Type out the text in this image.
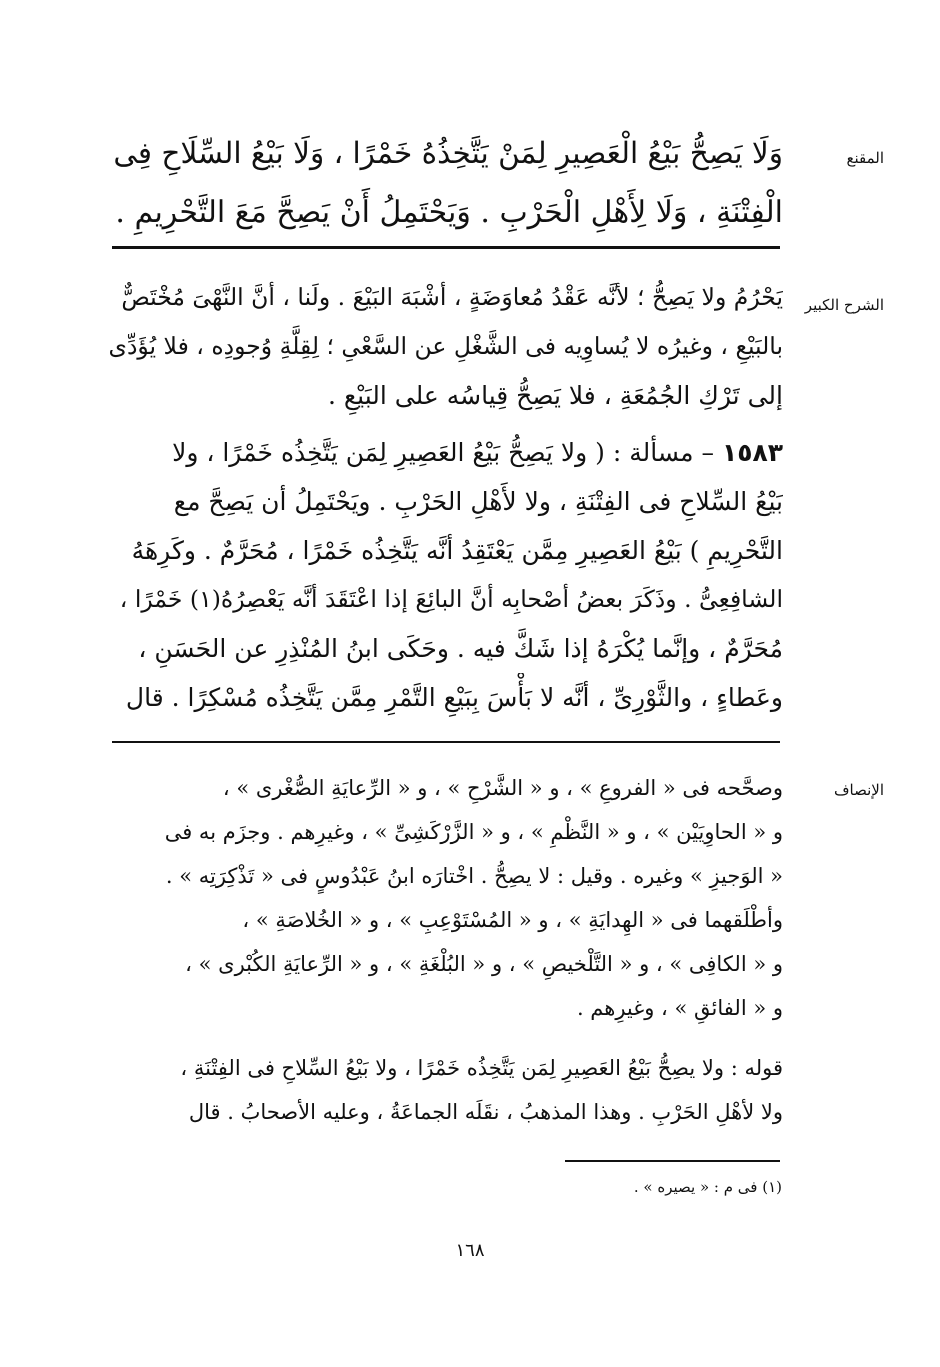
المقنع
وَلَا يَصِحُّ بَيْعُ الْعَصِيرِ لِمَنْ يَتَّخِذُهُ خَمْرًا ، وَلَا بَيْعُ السِّلَاحِ فِى
الْفِتْنَةِ ، وَلَا لِأَهْلِ الْحَرْبِ . وَيَحْتَمِلُ أَنْ يَصِحَّ مَعَ التَّحْرِيمِ .
الشرح الكبير
يَحْرُمُ ولا يَصِحُّ ؛ لأنَّه عَقْدُ مُعاوَضَةٍ ، أشْبَهَ البَيْعَ . ولَنا ، أنَّ النَّهْىَ مُخْتَصٌّ
بالبَيْعِ ، وغيرُه لا يُساوِيه فى الشَّغْلِ عن السَّعْىِ ؛ لِقِلَّةِ وُجودِه ، فلا يُؤَدِّى
إلى تَرْكِ الجُمُعَةِ ، فلا يَصِحُّ قِياسُه على البَيْعِ .
١٥٨٣ – مسألة : ( ولا يَصِحُّ بَيْعُ العَصِيرِ لِمَن يَتَّخِذُه خَمْرًا ، ولا
بَيْعُ السِّلاحِ فى الفِتْنَةِ ، ولا لأَهْلِ الحَرْبِ . ويَحْتَمِلُ أن يَصِحَّ مع
التَّحْرِيمِ ) بَيْعُ العَصِيرِ مِمَّن يَعْتَقِدُ أنَّه يَتَّخِذُه خَمْرًا ، مُحَرَّمٌ . وكَرِهَهُ
الشافِعِىُّ . وذَكَرَ بعضُ أصْحابِه أنَّ البائِعَ إذا اعْتَقَدَ أنَّه يَعْصِرُهُ(١) خَمْرًا ،
مُحَرَّمٌ ، وإنَّما يُكْرَهُ إذا شَكَّ فيه . وحَكَى ابنُ المُنْذِرِ عن الحَسَنِ ،
وعَطاءٍ ، والثَّوْرِىِّ ، أنَّه لا بَأْسَ بِبَيْعِ التَّمْرِ مِمَّن يَتَّخِذُه مُسْكِرًا . قال
الإنصاف
وصحَّحه فى « الفروعِ » ، و « الشَّرْحِ » ، و « الرِّعايَةِ الصُّغْرى » ،
و « الحاوِيَيْن » ، و « النَّظْمِ » ، و « الزَّرْكَشِىِّ » ، وغيرِهم . وجزَم به فى
« الوَجيزِ » وغيره . وقيل : لا يصِحُّ . اخْتارَه ابنُ عَبْدُوسٍ فى « تَذْكِرَتِه » .
وأطْلَقهما فى « الهِدايَةِ » ، و « المُسْتَوْعِبِ » ، و « الخُلاصَةِ » ،
و « الكافِى » ، و « التَّلْخيصِ » ، و « البُلْغَةِ » ، و « الرِّعايَةِ الكُبْرى » ،
و « الفائقِ » ، وغيرِهم .
قوله : ولا يصِحُّ بَيْعُ العَصِيرِ لِمَن يَتَّخِذُه خَمْرًا ، ولا بَيْعُ السِّلاحِ فى الفِتْنَةِ ،
ولا لأهْلِ الحَرْبِ . وهذا المذهبُ ، نقَلَه الجماعَةُ ، وعليه الأصحابُ . قال
(١) فى م : « يصيره » .
١٦٨
